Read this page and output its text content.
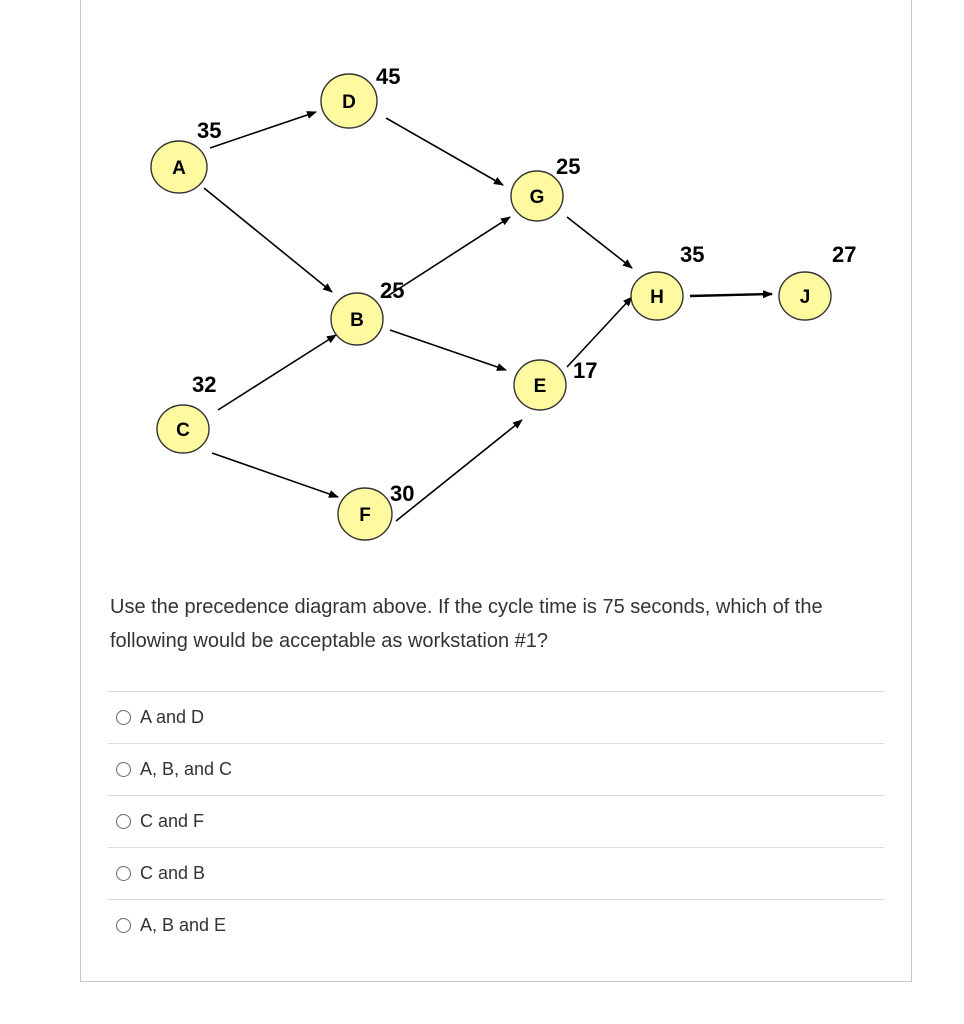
A
D
B
C
F
G
E
H	J
35
45
25
32
30
25
17
35	27
Use the precedence diagram above. If the cycle time is 75 seconds, which of the following would be acceptable as workstation #1?
A and D
A, B, and C
C and F
C and B
A, B and E
